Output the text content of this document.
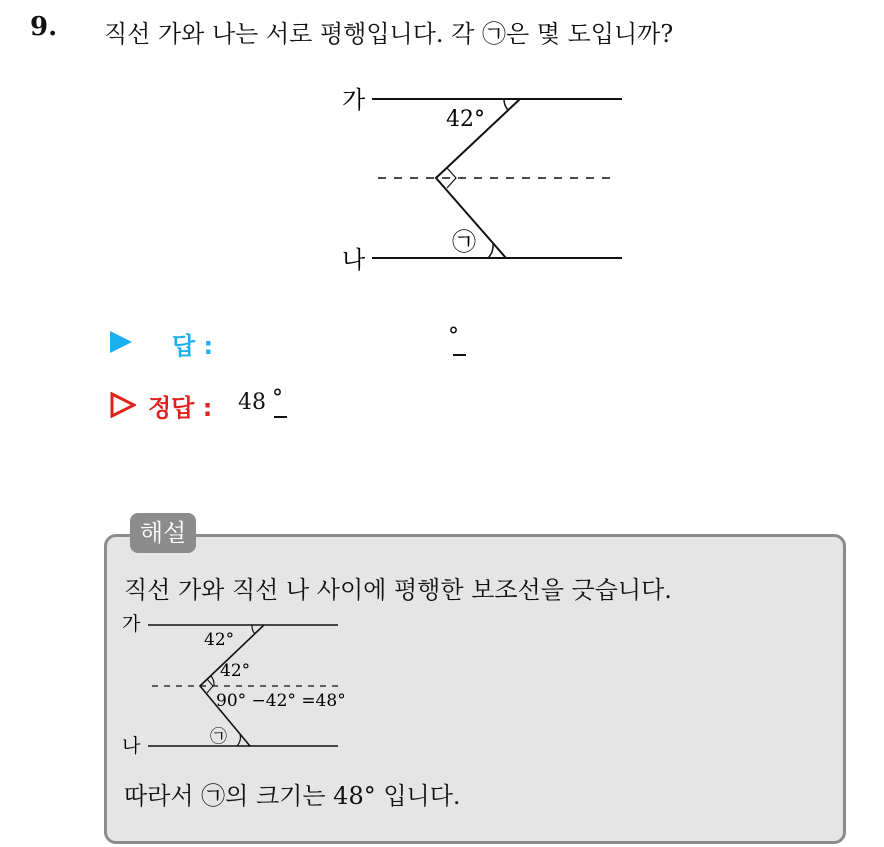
9. 직선 가와 나는 서로 평행입니다. 각 ㉠은 몇 도입니까?
가
나
42°
㉠
답 :	°
정답 : 48 °
해설
직선 가와 직선 나 사이에 평행한 보조선을 긋습니다.
가
나
42°
42°
90° −42° =48°
㉠
따라서 ㉠의 크기는 48° 입니다.
